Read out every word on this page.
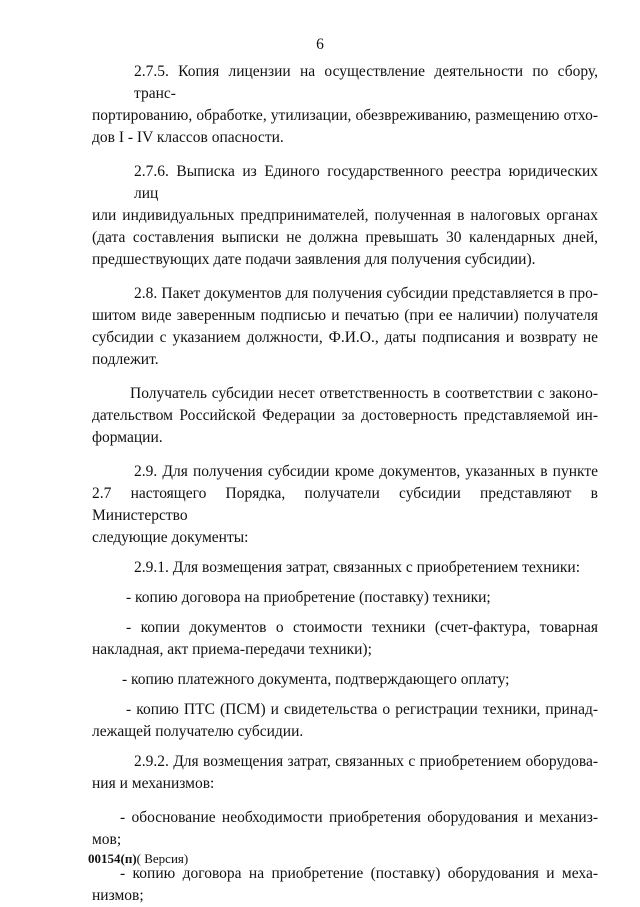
6

2.7.5. Копия лицензии на осуществление деятельности по сбору, транс-
портированию, обработке, утилизации, обезвреживанию, размещению отхо-
дов I - IV классов опасности.

2.7.6. Выписка из Единого государственного реестра юридических лиц
или индивидуальных предпринимателей, полученная в налоговых органах
(дата составления выписки не должна превышать 30 календарных дней,
предшествующих дате подачи заявления для получения субсидии).

2.8. Пакет документов для получения субсидии представляется в про-
шитом виде заверенным подписью и печатью (при ее наличии) получателя
субсидии с указанием должности, Ф.И.О., даты подписания и возврату не
подлежит.

Получатель субсидии несет ответственность в соответствии с законо-
дательством Российской Федерации за достоверность представляемой ин-
формации.

2.9. Для получения субсидии кроме документов, указанных в пункте
2.7 настоящего Порядка, получатели субсидии представляют в Министерство
следующие документы:

2.9.1. Для возмещения затрат, связанных с приобретением техники:

- копию договора на приобретение (поставку) техники;

- копии документов о стоимости техники (счет-фактура, товарная
накладная, акт приема-передачи техники);

- копию платежного документа, подтверждающего оплату;

- копию ПТС (ПСМ) и свидетельства о регистрации техники, принад-
лежащей получателю субсидии.

2.9.2. Для возмещения затрат, связанных с приобретением оборудова-
ния и механизмов:

- обоснование необходимости приобретения оборудования и механиз-
мов;

- копию договора на приобретение (поставку) оборудования и меха-
низмов;

00154(п)( Версия)
